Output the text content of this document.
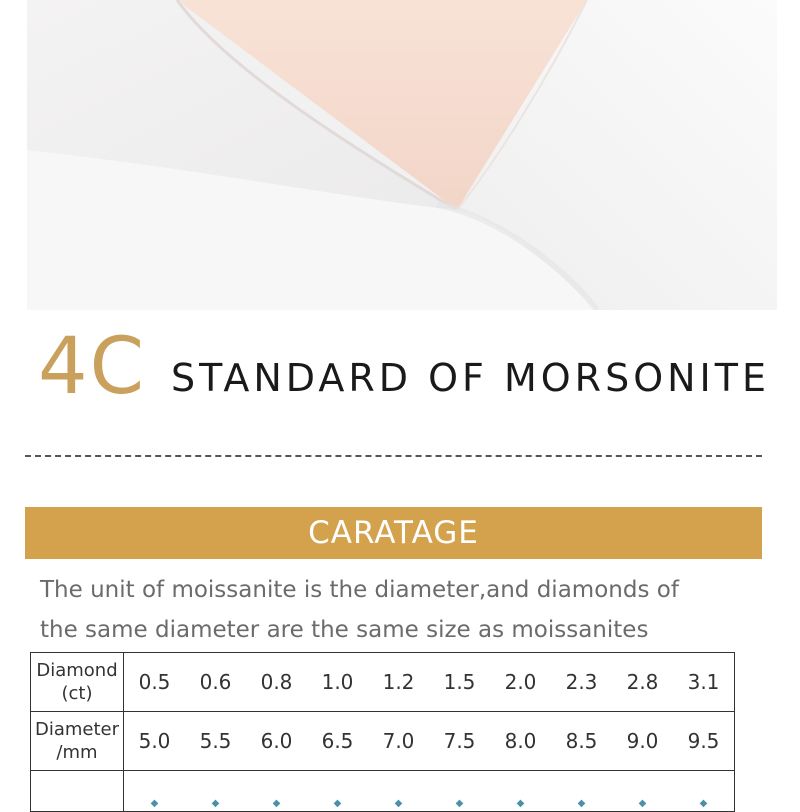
4C STANDARD OF MORSONITE
CARATAGE
The unit of moissanite is the diameter,and diamonds of
the same diameter are the same size as moissanites
Diamond
(ct)	0.5	0.6	0.8	1.0	1.2	1.5	2.0	2.3	2.8	3.1

Diameter
/mm	5.0	5.5	6.0	6.5	7.0	7.5	8.0	8.5	9.0	9.5
	◆	◆	◆	◆	◆	◆	◆	◆	◆	◆
